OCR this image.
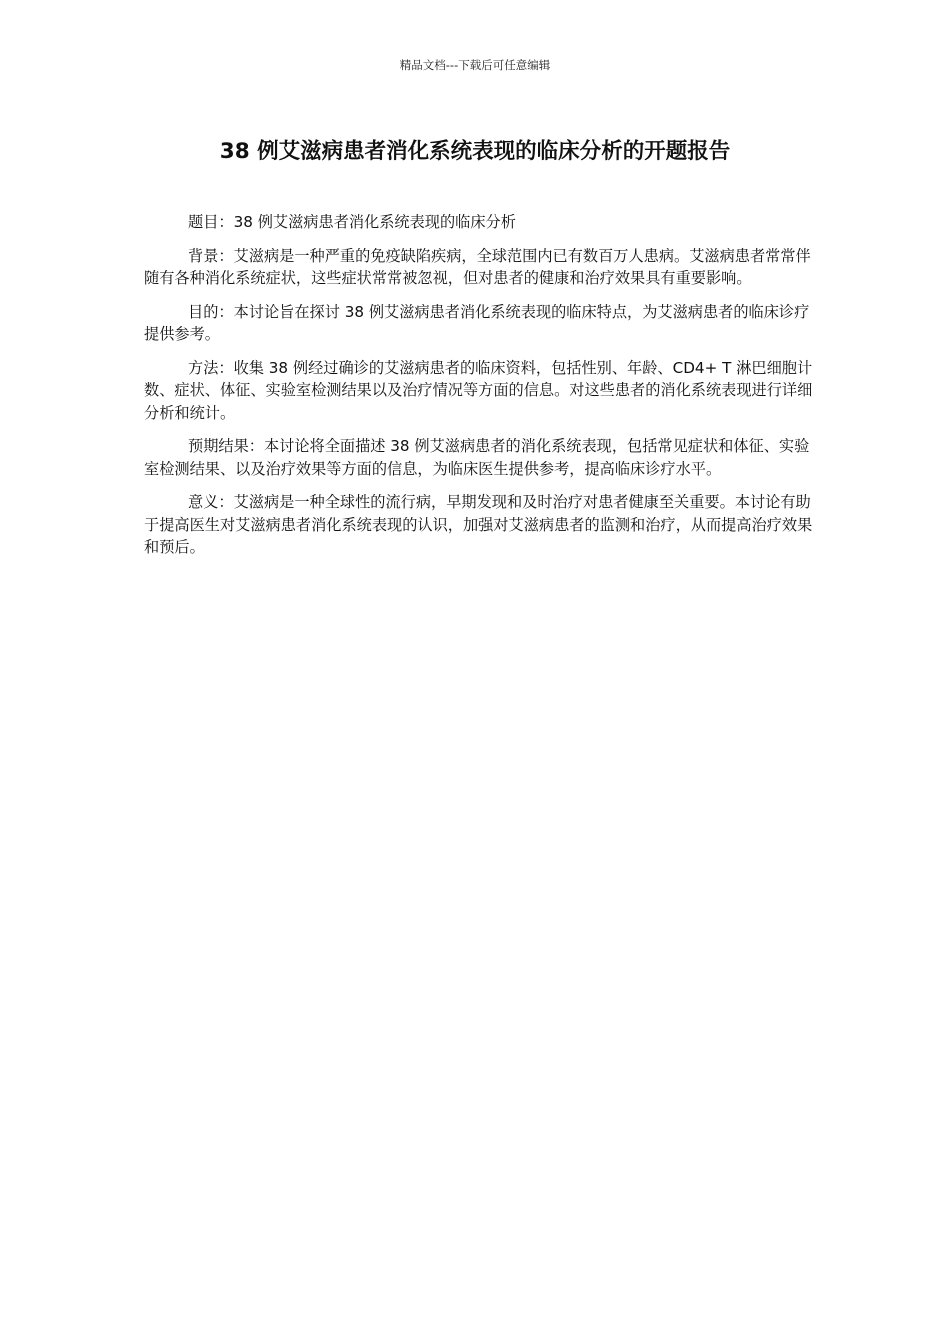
精品文档---下载后可任意编辑
38 例艾滋病患者消化系统表现的临床分析的开题报告

题目：38 例艾滋病患者消化系统表现的临床分析

背景：艾滋病是一种严重的免疫缺陷疾病，全球范围内已有数百万人患病。艾滋病患者常常伴随有各种消化系统症状，这些症状常常被忽视，但对患者的健康和治疗效果具有重要影响。

目的：本讨论旨在探讨 38 例艾滋病患者消化系统表现的临床特点，为艾滋病患者的临床诊疗提供参考。

方法：收集 38 例经过确诊的艾滋病患者的临床资料，包括性别、年龄、CD4+ T 淋巴细胞计数、症状、体征、实验室检测结果以及治疗情况等方面的信息。对这些患者的消化系统表现进行详细分析和统计。

预期结果：本讨论将全面描述 38 例艾滋病患者的消化系统表现，包括常见症状和体征、实验室检测结果、以及治疗效果等方面的信息，为临床医生提供参考，提高临床诊疗水平。

意义：艾滋病是一种全球性的流行病，早期发现和及时治疗对患者健康至关重要。本讨论有助于提高医生对艾滋病患者消化系统表现的认识，加强对艾滋病患者的监测和治疗，从而提高治疗效果和预后。
